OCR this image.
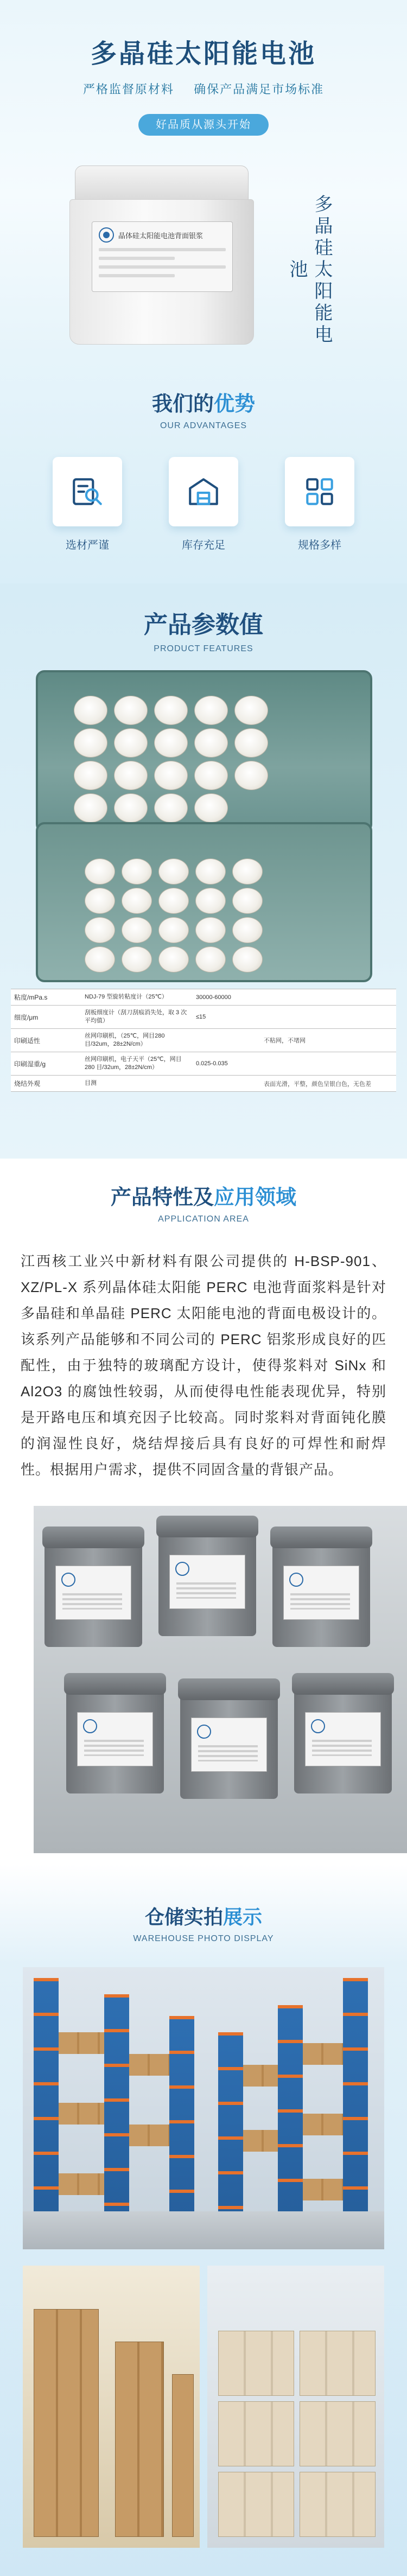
多晶硅太阳能电池
严格监督原材料 确保产品满足市场标准
好品质从源头开始
晶体硅太阳能电池背面银浆	多晶硅太阳能电池
我们的优势
OUR ADVANTAGES
选材严谨	库存充足	规格多样
产品参数值
PRODUCT FEATURES
粘度/mPa.s	NDJ-79 型旋转粘度计（25℃）	30000-60000	
细度/μm	刮板细度计（刮刀刮痕消失处，取 3 次平均值）	≤15	
印刷适性	丝网印刷机，（25℃，网目280 目/32um，28±2N/cm）		不粘网，不堵网
印刷湿重/g	丝网印刷机，电子天平（25℃，网目280 目/32um，28±2N/cm）	0.025-0.035	
烧结外观	目测		表面光滑，平整，颜色呈银白色，无色差
产品特性及应用领域
APPLICATION AREA

江西核工业兴中新材料有限公司提供的 H-BSP-901、XZ/PL-X 系列晶体硅太阳能 PERC 电池背面浆料是针对多晶硅和单晶硅 PERC 太阳能电池的背面电极设计的。该系列产品能够和不同公司的 PERC 铝浆形成良好的匹配性，由于独特的玻璃配方设计，使得浆料对 SiNx 和 Al2O3 的腐蚀性较弱，从而使得电性能表现优异，特别是开路电压和填充因子比较高。同时浆料对背面钝化膜的润湿性良好，烧结焊接后具有良好的可焊性和耐焊性。根据用户需求，提供不同固含量的背银产品。

仓储实拍展示
WAREHOUSE PHOTO DISPLAY
